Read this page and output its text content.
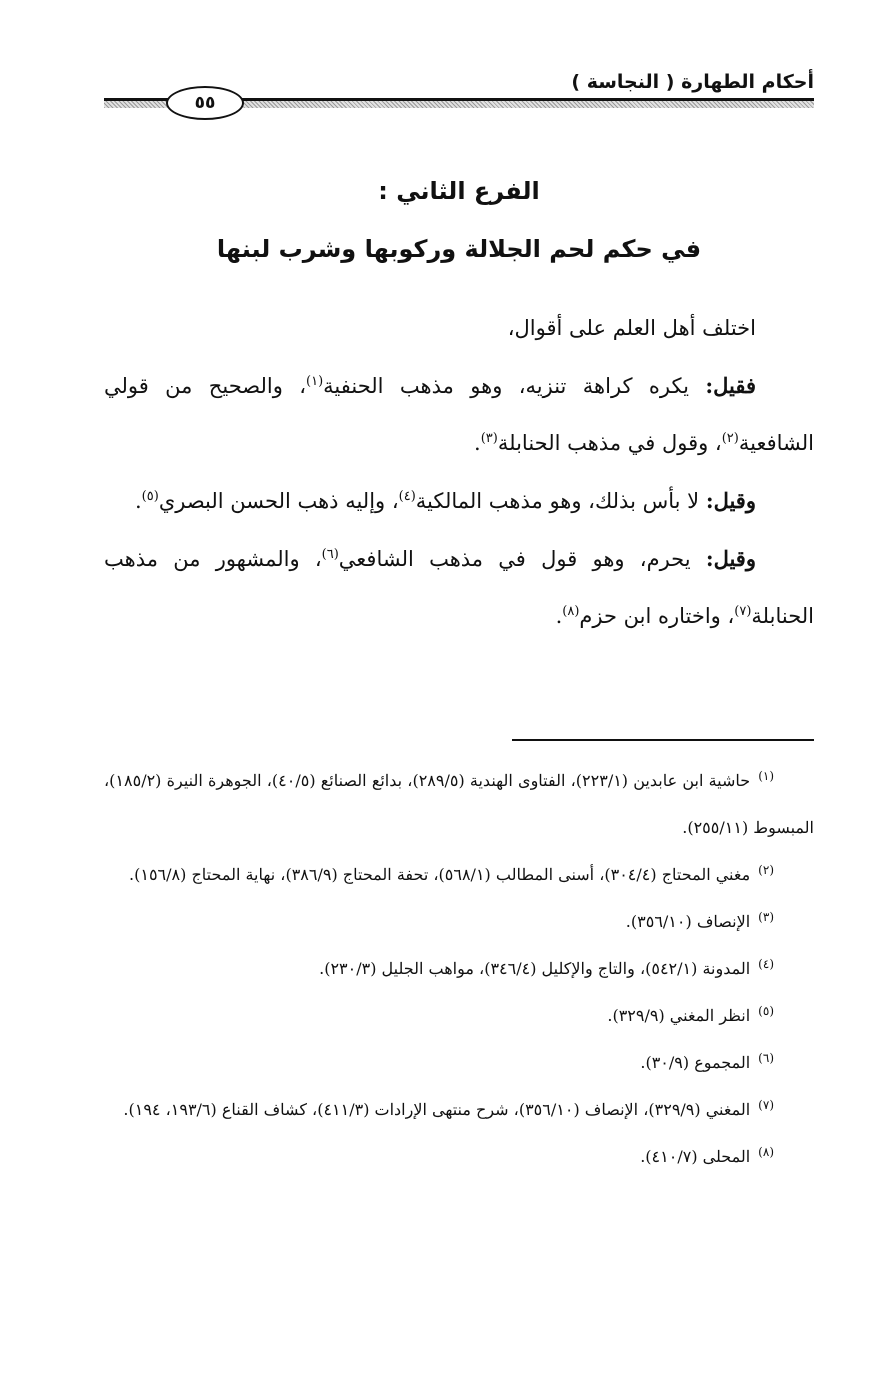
أحكام الطهارة ( النجاسة )
٥٥
الفرع الثاني :
في حكم لحم الجلالة وركوبها وشرب لبنها

اختلف أهل العلم على أقوال،

فقيل: يكره كراهة تنزيه، وهو مذهب الحنفية$^{(١)}$، والصحيح من قولي الشافعية$^{(٢)}$، وقول في مذهب الحنابلة$^{(٣)}$.

وقيل: لا بأس بذلك، وهو مذهب المالكية$^{(٤)}$، وإليه ذهب الحسن البصري$^{(٥)}$.

وقيل: يحرم، وهو قول في مذهب الشافعي$^{(٦)}$، والمشهور من مذهب الحنابلة$^{(٧)}$، واختاره ابن حزم$^{(٨)}$.

$^{(١)}$حاشية ابن عابدين (٢٢٣/١)، الفتاوى الهندية (٢٨٩/٥)، بدائع الصنائع (٤٠/٥)، الجوهرة النيرة (١٨٥/٢)، المبسوط (٢٥٥/١١).

$^{(٢)}$مغني المحتاج (٣٠٤/٤)، أسنى المطالب (٥٦٨/١)، تحفة المحتاج (٣٨٦/٩)، نهاية المحتاج (١٥٦/٨).

$^{(٣)}$الإنصاف (٣٥٦/١٠).

$^{(٤)}$المدونة (٥٤٢/١)، والتاج والإكليل (٣٤٦/٤)، مواهب الجليل (٢٣٠/٣).

$^{(٥)}$انظر المغني (٣٢٩/٩).

$^{(٦)}$المجموع (٣٠/٩).

$^{(٧)}$المغني (٣٢٩/٩)، الإنصاف (٣٥٦/١٠)، شرح منتهى الإرادات (٤١١/٣)، كشاف القناع (١٩٣/٦، ١٩٤).

$^{(٨)}$المحلى (٤١٠/٧).
